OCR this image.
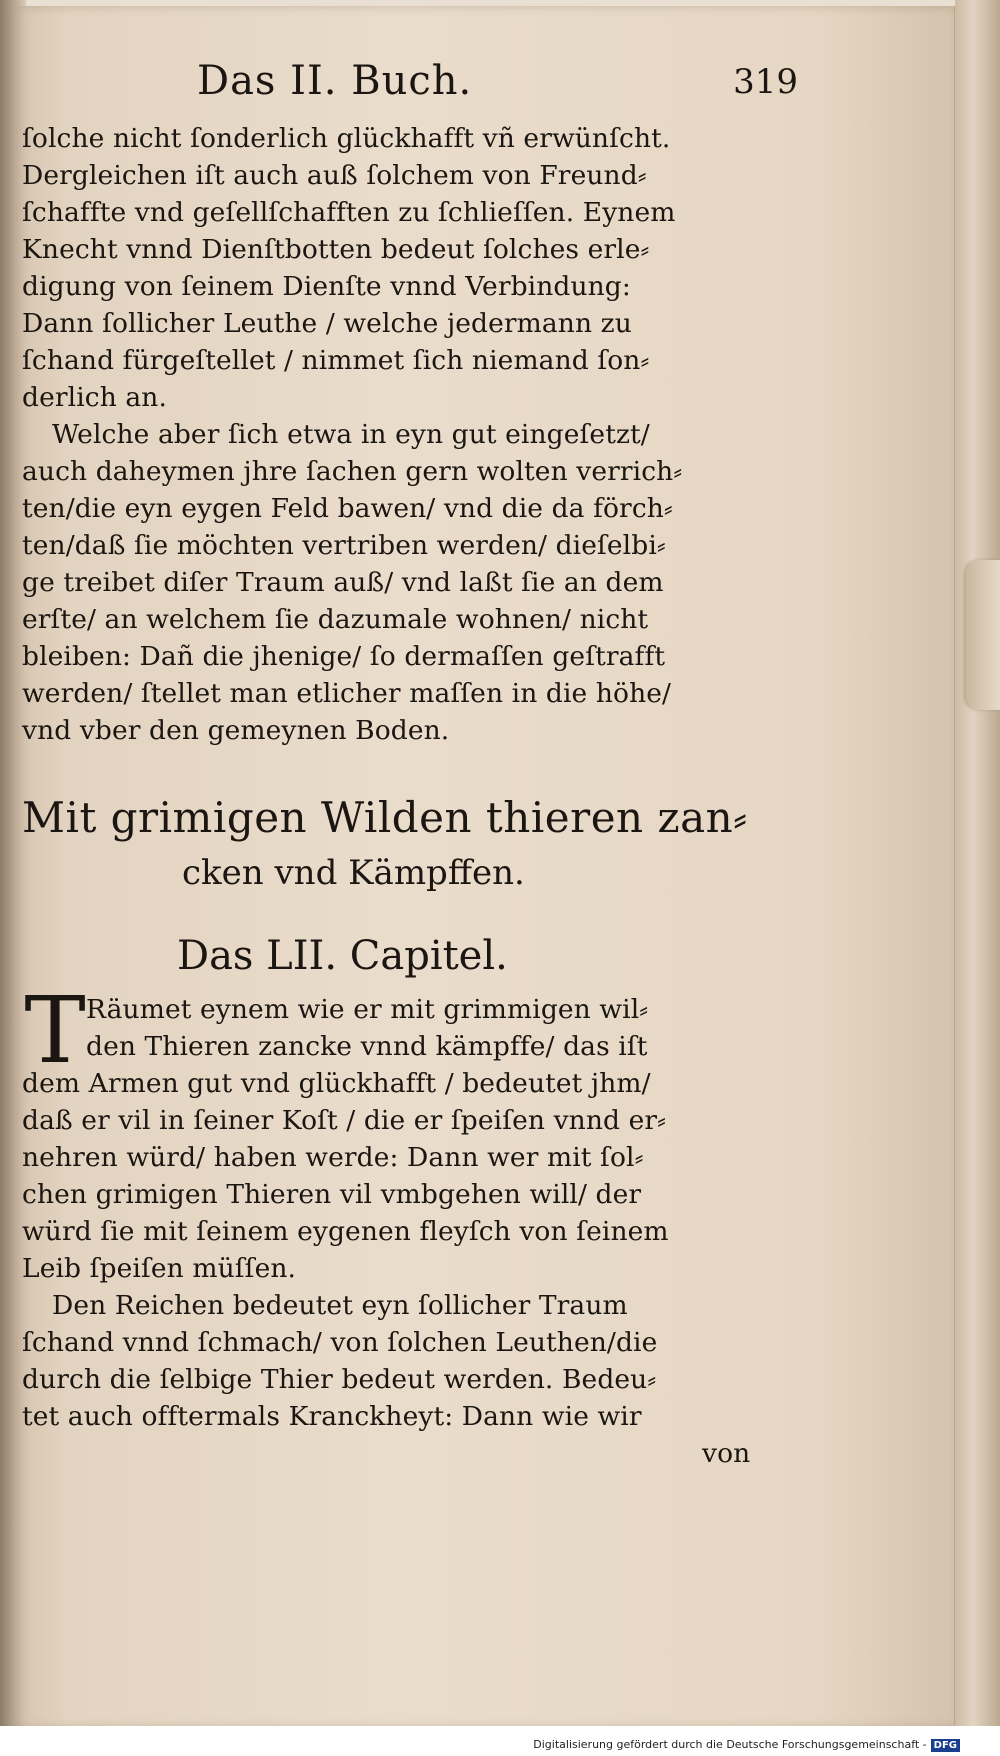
Das II. Buch.	319
ſolche nicht ſonderlich glückhafft vñ erwünſcht.
Dergleichen iſt auch auß ſolchem von Freund⸗
ſchaffte vnd geſellſchafften zu ſchlieſſen. Eynem
Knecht vnnd Dienſtbotten bedeut ſolches erle⸗
digung von ſeinem Dienſte vnnd Verbindung:
Dann ſollicher Leuthe / welche jedermann zu
ſchand fürgeſtellet / nimmet ſich niemand ſon⸗
derlich an.
Welche aber ſich etwa in eyn gut eingeſetzt/
auch daheymen jhre ſachen gern wolten verrich⸗
ten/die eyn eygen Feld bawen/ vnd die da förch⸗
ten/daß ſie möchten vertriben werden/ dieſelbi⸗
ge treibet diſer Traum auß/ vnd laßt ſie an dem
erſte/ an welchem ſie dazumale wohnen/ nicht
bleiben: Dañ die jhenige/ ſo dermaſſen geſtrafft
werden/ ſtellet man etlicher maſſen in die höhe/
vnd vber den gemeynen Boden.
Mit grimigen Wilden thieren zan⸗
cken vnd Kämpffen.
Das LII. Capitel.
T Räumet eynem wie er mit grimmigen wil⸗
den Thieren zancke vnnd kämpffe/ das iſt
dem Armen gut vnd glückhafft / bedeutet jhm/
daß er vil in ſeiner Koſt / die er ſpeiſen vnnd er⸗
nehren würd/ haben werde: Dann wer mit ſol⸗
chen grimigen Thieren vil vmbgehen will/ der
würd ſie mit ſeinem eygenen fleyſch von ſeinem
Leib ſpeiſen müſſen.
Den Reichen bedeutet eyn ſollicher Traum
ſchand vnnd ſchmach/ von ſolchen Leuthen/die
durch die ſelbige Thier bedeut werden. Bedeu⸗
tet auch offtermals Kranckheyt: Dann wie wir
von
Digitalisierung gefördert durch die Deutsche Forschungsgemeinschaft - DFG
